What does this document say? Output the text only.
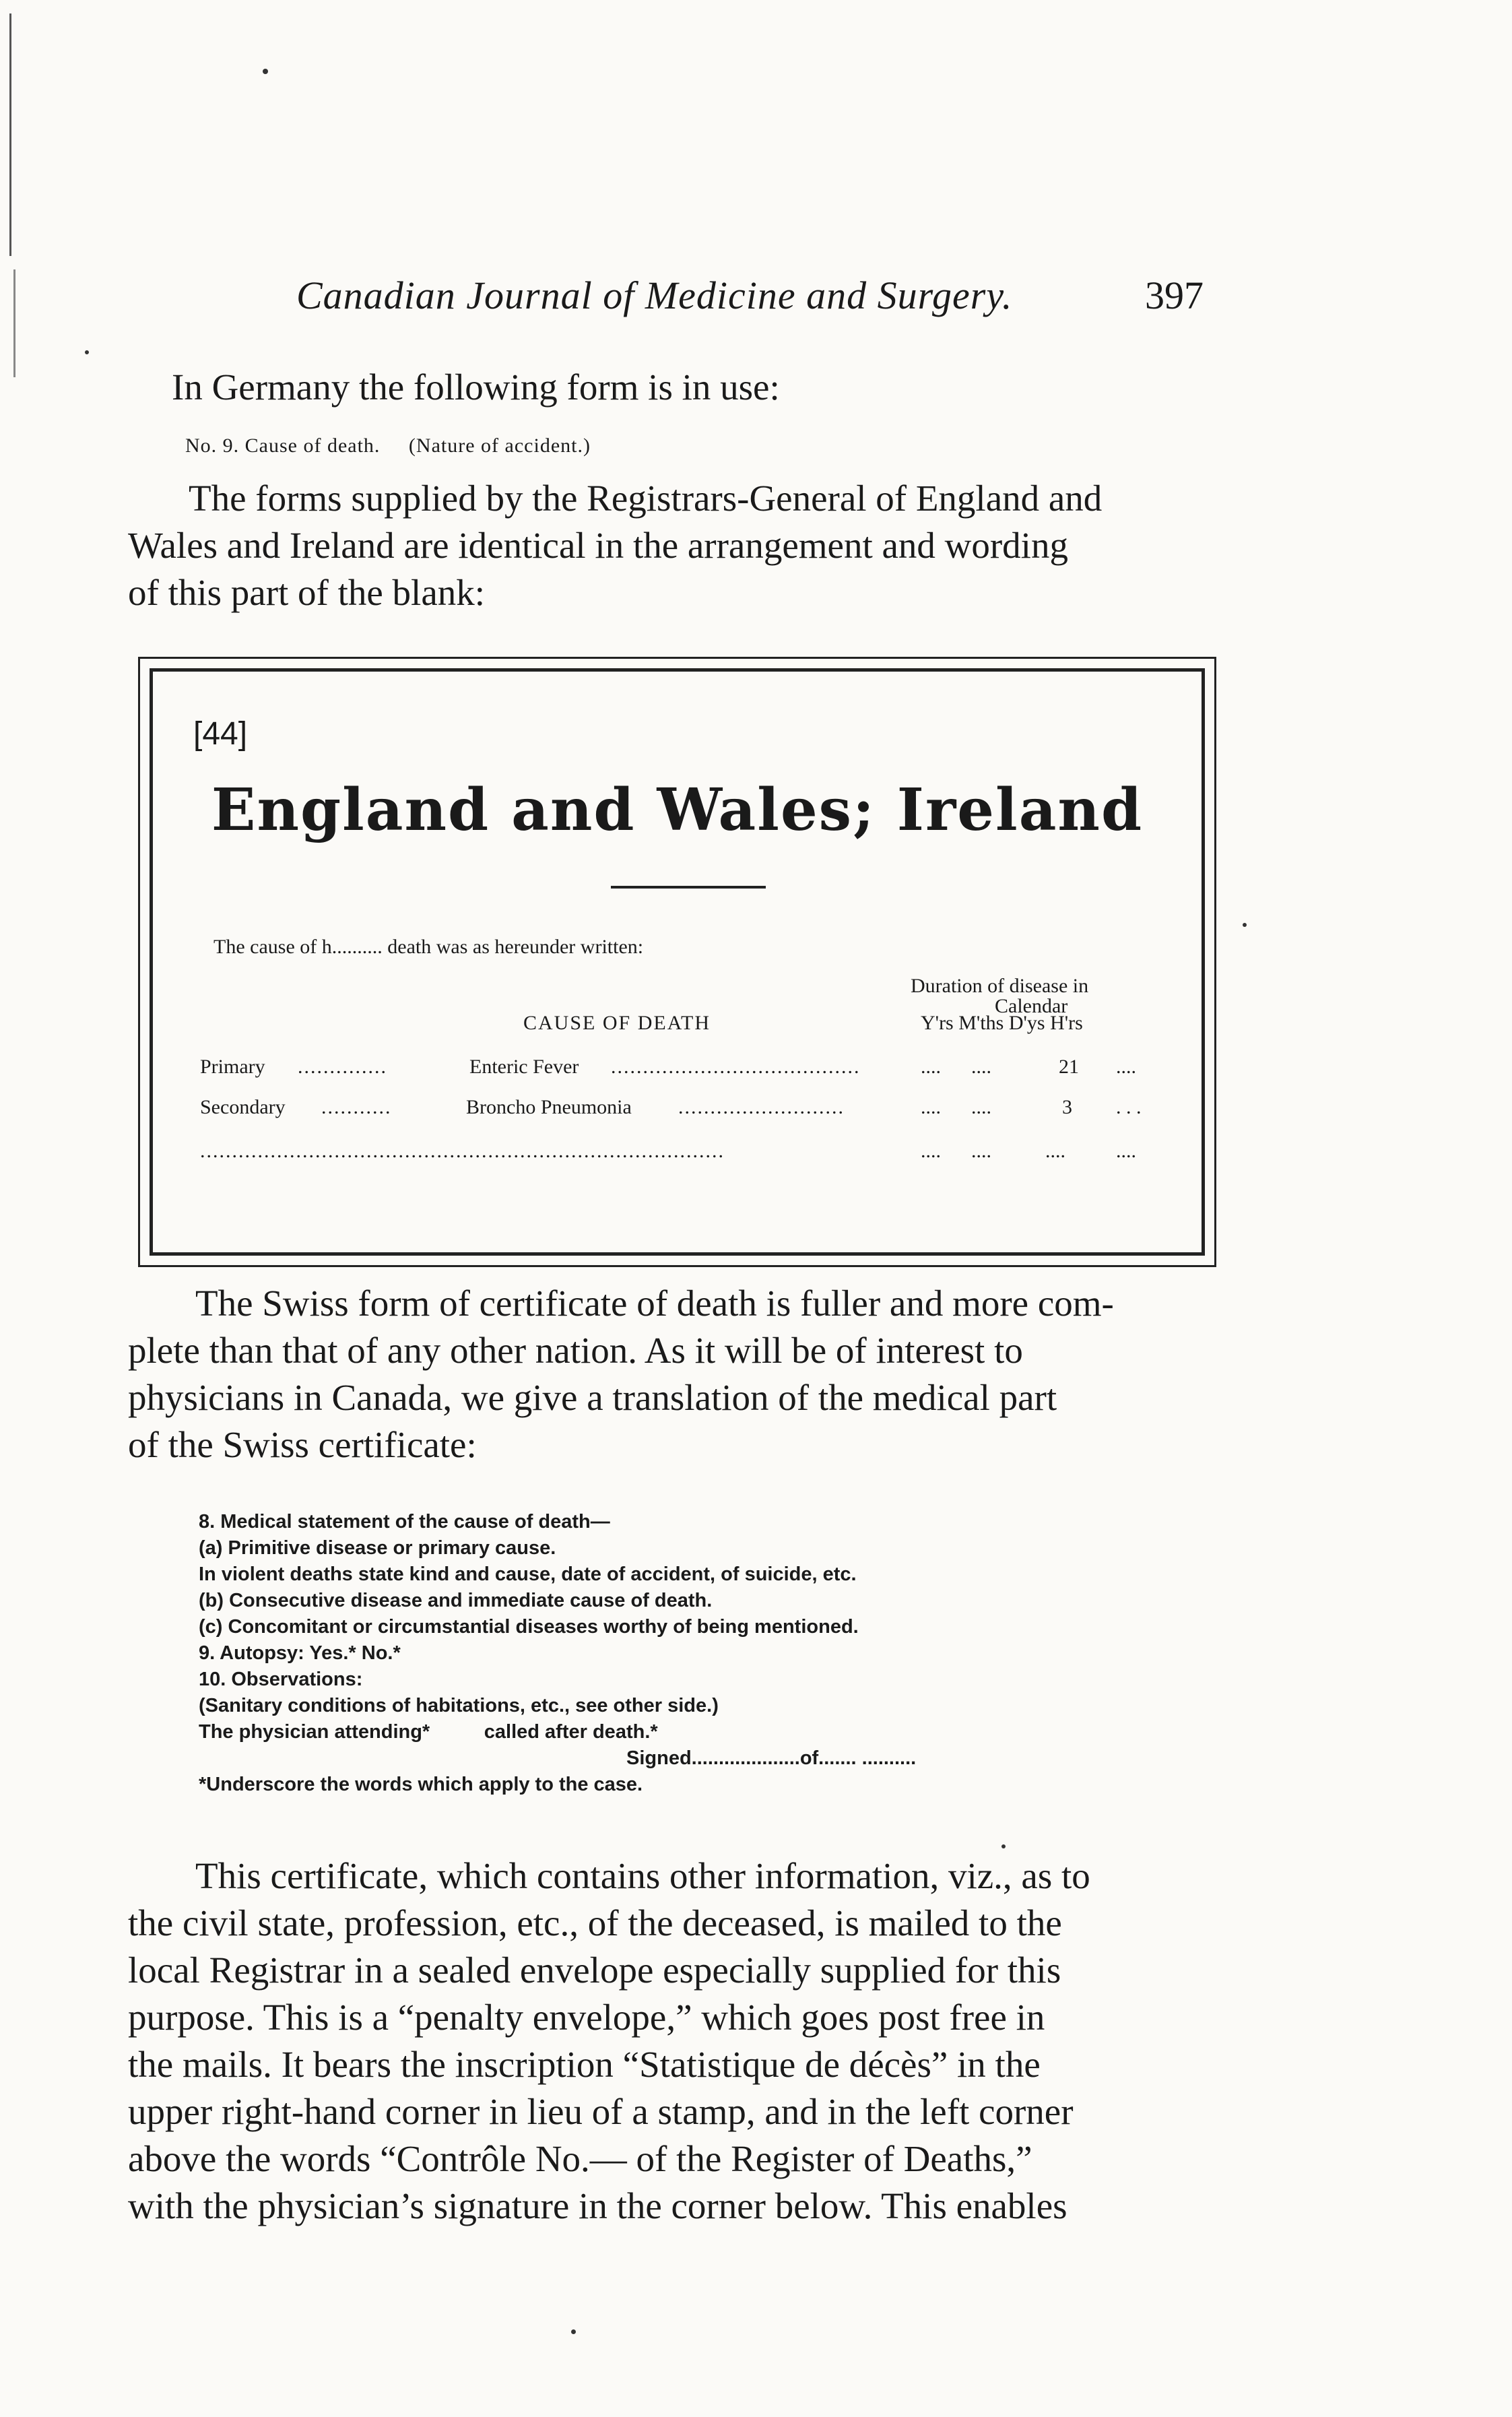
Canadian Journal of Medicine and Surgery.	397
In Germany the following form is in use:
No. 9. Cause of death.     (Nature of accident.)
The forms supplied by the Registrars-General of England and
Wales and Ireland are identical in the arrangement and wording
of this part of the blank:
[44]
England and Wales; Ireland
The cause of h.......... death was as hereunder written:
Duration of disease in
Calendar
CAUSE OF DEATH	Y'rs M'ths D'ys H'rs
Primary ..............	Enteric Fever .......................................	.... ....	21 ....
Secondary ...........	Broncho Pneumonia ..........................	.... ....	3 . . .
..................................................................................	.... ....	....	....
The Swiss form of certificate of death is fuller and more com-
plete than that of any other nation. As it will be of interest to
physicians in Canada, we give a translation of the medical part
of the Swiss certificate:
8. Medical statement of the cause of death—
(a) Primitive disease or primary cause.
In violent deaths state kind and cause, date of accident, of suicide, etc.
(b) Consecutive disease and immediate cause of death.
(c) Concomitant or circumstantial diseases worthy of being mentioned.
9. Autopsy: Yes.* No.*
10. Observations:
(Sanitary conditions of habitations, etc., see other side.)
The physician attending*          called after death.*
Signed....................of....... ..........
*Underscore the words which apply to the case.
This certificate, which contains other information, viz., as to
the civil state, profession, etc., of the deceased, is mailed to the
local Registrar in a sealed envelope especially supplied for this
purpose. This is a “penalty envelope,” which goes post free in
the mails. It bears the inscription “Statistique de décès” in the
upper right-hand corner in lieu of a stamp, and in the left corner
above the words “Contrôle No.— of the Register of Deaths,”
with the physician’s signature in the corner below. This enables
